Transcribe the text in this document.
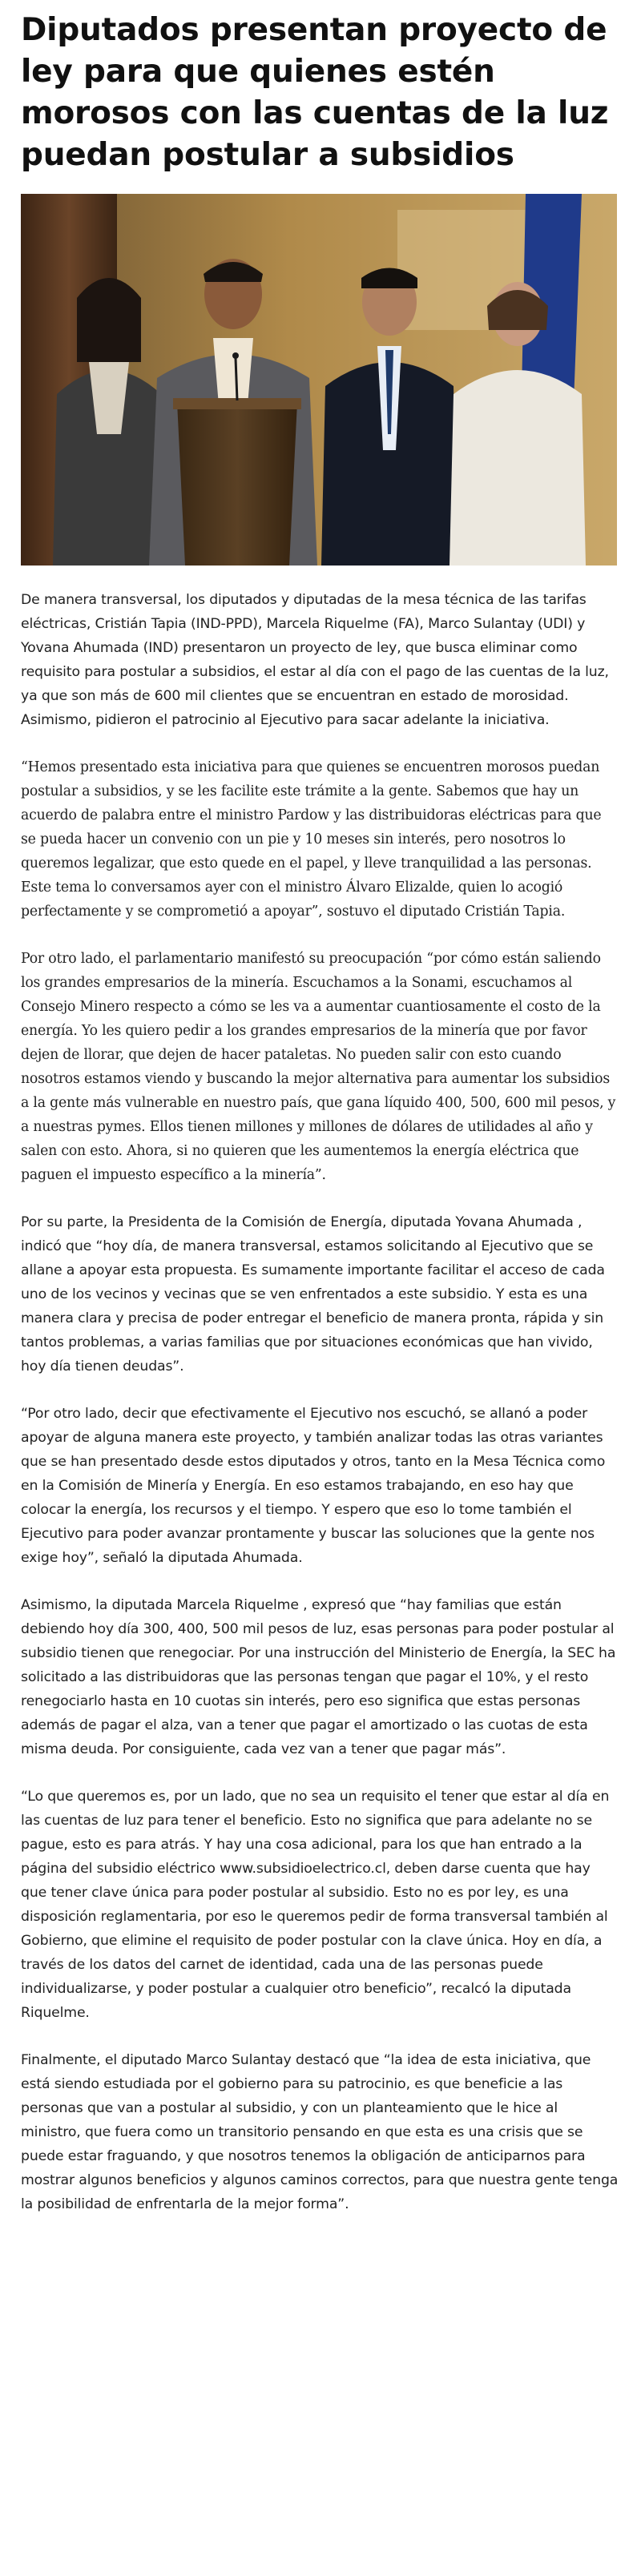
Diputados presentan proyecto de ley para que quienes estén morosos con las cuentas de la luz puedan postular a subsidios

De manera transversal, los diputados y diputadas de la mesa técnica de las tarifas eléctricas, Cristián Tapia (IND-PPD), Marcela Riquelme (FA), Marco Sulantay (UDI) y Yovana Ahumada (IND) presentaron un proyecto de ley, que busca eliminar como requisito para postular a subsidios, el estar al día con el pago de las cuentas de la luz, ya que son más de 600 mil clientes que se encuentran en estado de morosidad. Asimismo, pidieron el patrocinio al Ejecutivo para sacar adelante la iniciativa.

“Hemos presentado esta iniciativa para que quienes se encuentren morosos puedan postular a subsidios, y se les facilite este trámite a la gente. Sabemos que hay un acuerdo de palabra entre el ministro Pardow y las distribuidoras eléctricas para que se pueda hacer un convenio con un pie y 10 meses sin interés, pero nosotros lo queremos legalizar, que esto quede en el papel, y lleve tranquilidad a las personas. Este tema lo conversamos ayer con el ministro Álvaro Elizalde, quien lo acogió perfectamente y se comprometió a apoyar”, sostuvo el diputado Cristián Tapia.

Por otro lado, el parlamentario manifestó su preocupación “por cómo están saliendo los grandes empresarios de la minería. Escuchamos a la Sonami, escuchamos al Consejo Minero respecto a cómo se les va a aumentar cuantiosamente el costo de la energía. Yo les quiero pedir a los grandes empresarios de la minería que por favor dejen de llorar, que dejen de hacer pataletas. No pueden salir con esto cuando nosotros estamos viendo y buscando la mejor alternativa para aumentar los subsidios a la gente más vulnerable en nuestro país, que gana líquido 400, 500, 600 mil pesos, y a nuestras pymes. Ellos tienen millones y millones de dólares de utilidades al año y salen con esto. Ahora, si no quieren que les aumentemos la energía eléctrica que paguen el impuesto específico a la minería”.

Por su parte, la Presidenta de la Comisión de Energía, diputada Yovana Ahumada , indicó que “hoy día, de manera transversal, estamos solicitando al Ejecutivo que se allane a apoyar esta propuesta. Es sumamente importante facilitar el acceso de cada uno de los vecinos y vecinas que se ven enfrentados a este subsidio. Y esta es una manera clara y precisa de poder entregar el beneficio de manera pronta, rápida y sin tantos problemas, a varias familias que por situaciones económicas que han vivido, hoy día tienen deudas”.

“Por otro lado, decir que efectivamente el Ejecutivo nos escuchó, se allanó a poder apoyar de alguna manera este proyecto, y también analizar todas las otras variantes que se han presentado desde estos diputados y otros, tanto en la Mesa Técnica como en la Comisión de Minería y Energía. En eso estamos trabajando, en eso hay que colocar la energía, los recursos y el tiempo. Y espero que eso lo tome también el Ejecutivo para poder avanzar prontamente y buscar las soluciones que la gente nos exige hoy”, señaló la diputada Ahumada.

Asimismo, la diputada Marcela Riquelme , expresó que “hay familias que están debiendo hoy día 300, 400, 500 mil pesos de luz, esas personas para poder postular al subsidio tienen que renegociar. Por una instrucción del Ministerio de Energía, la SEC ha solicitado a las distribuidoras que las personas tengan que pagar el 10%, y el resto renegociarlo hasta en 10 cuotas sin interés, pero eso significa que estas personas además de pagar el alza, van a tener que pagar el amortizado o las cuotas de esta misma deuda. Por consiguiente, cada vez van a tener que pagar más”.

“Lo que queremos es, por un lado, que no sea un requisito el tener que estar al día en las cuentas de luz para tener el beneficio. Esto no significa que para adelante no se pague, esto es para atrás. Y hay una cosa adicional, para los que han entrado a la página del subsidio eléctrico www.subsidioelectrico.cl, deben darse cuenta que hay que tener clave única para poder postular al subsidio. Esto no es por ley, es una disposición reglamentaria, por eso le queremos pedir de forma transversal también al Gobierno, que elimine el requisito de poder postular con la clave única. Hoy en día, a través de los datos del carnet de identidad, cada una de las personas puede individualizarse, y poder postular a cualquier otro beneficio”, recalcó la diputada Riquelme.

Finalmente, el diputado Marco Sulantay destacó que “la idea de esta iniciativa, que está siendo estudiada por el gobierno para su patrocinio, es que beneficie a las personas que van a postular al subsidio, y con un planteamiento que le hice al ministro, que fuera como un transitorio pensando en que esta es una crisis que se puede estar fraguando, y que nosotros tenemos la obligación de anticiparnos para mostrar algunos beneficios y algunos caminos correctos, para que nuestra gente tenga la posibilidad de enfrentarla de la mejor forma”.
